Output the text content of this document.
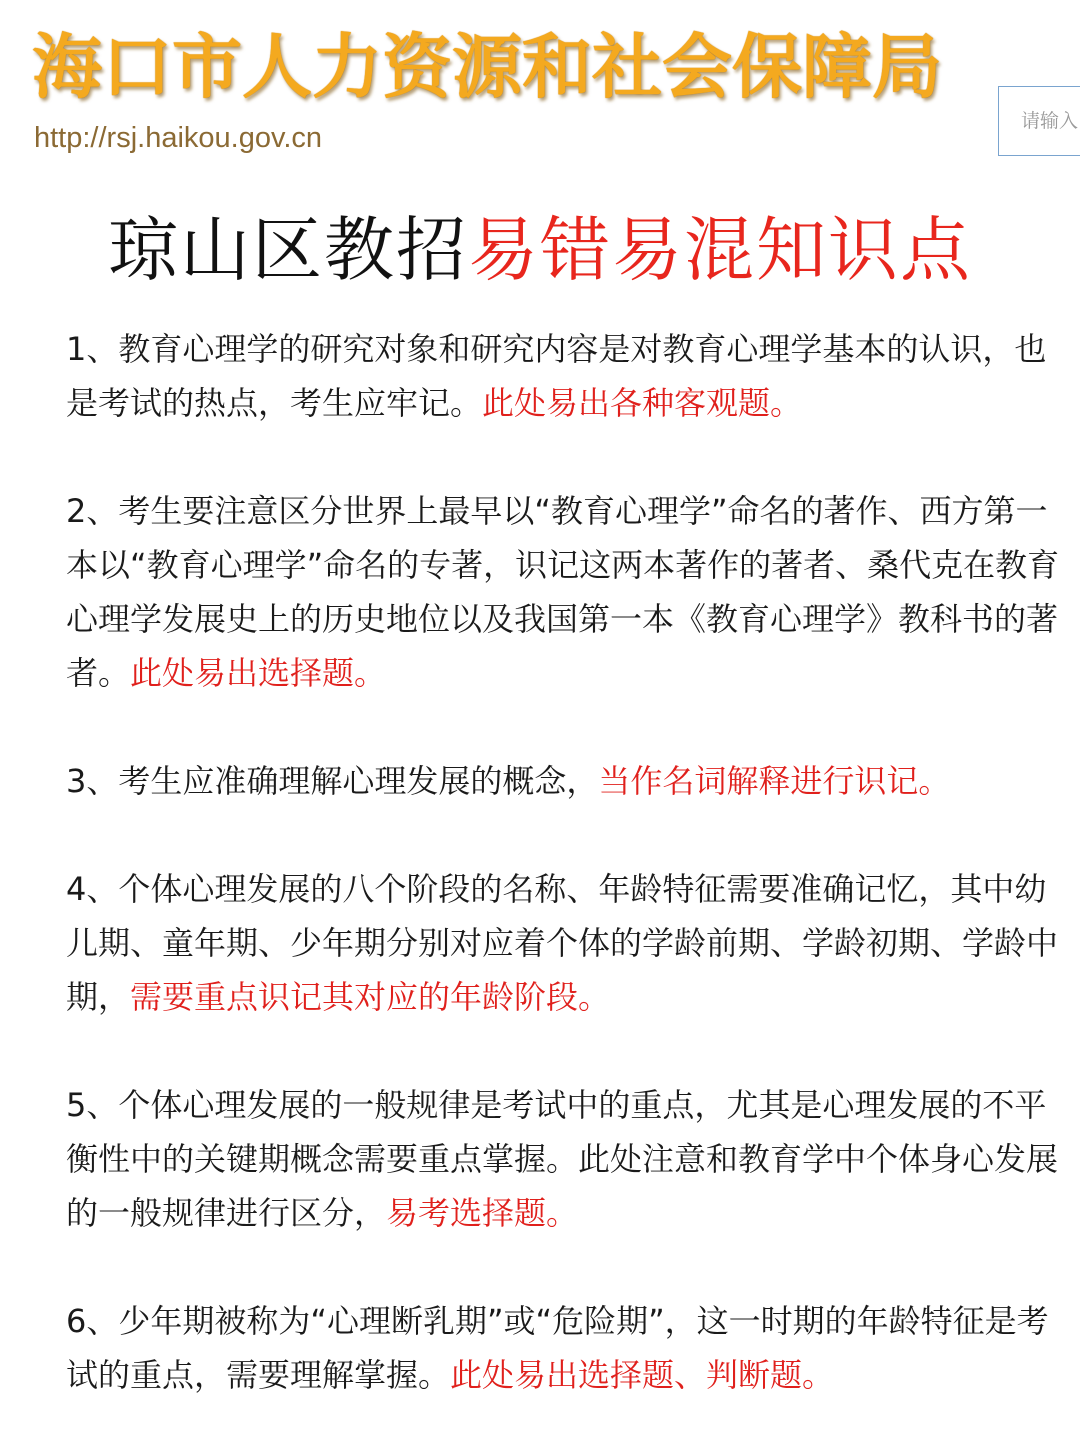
海口市人力资源和社会保障局
http://rsj.haikou.gov.cn
请输入
琼山区教招易错易混知识点
1、教育心理学的研究对象和研究内容是对教育心理学基本的认识，也是考试的热点，考生应牢记。此处易出各种客观题。
2、考生要注意区分世界上最早以“教育心理学”命名的著作、西方第一本以“教育心理学”命名的专著，识记这两本著作的著者、桑代克在教育心理学发展史上的历史地位以及我国第一本《教育心理学》教科书的著者。此处易出选择题。
3、考生应准确理解心理发展的概念，当作名词解释进行识记。
4、个体心理发展的八个阶段的名称、年龄特征需要准确记忆，其中幼儿期、童年期、少年期分别对应着个体的学龄前期、学龄初期、学龄中期，需要重点识记其对应的年龄阶段。
5、个体心理发展的一般规律是考试中的重点，尤其是心理发展的不平衡性中的关键期概念需要重点掌握。此处注意和教育学中个体身心发展的一般规律进行区分，易考选择题。
6、少年期被称为“心理断乳期”或“危险期”，这一时期的年龄特征是考试的重点，需要理解掌握。此处易出选择题、判断题。
